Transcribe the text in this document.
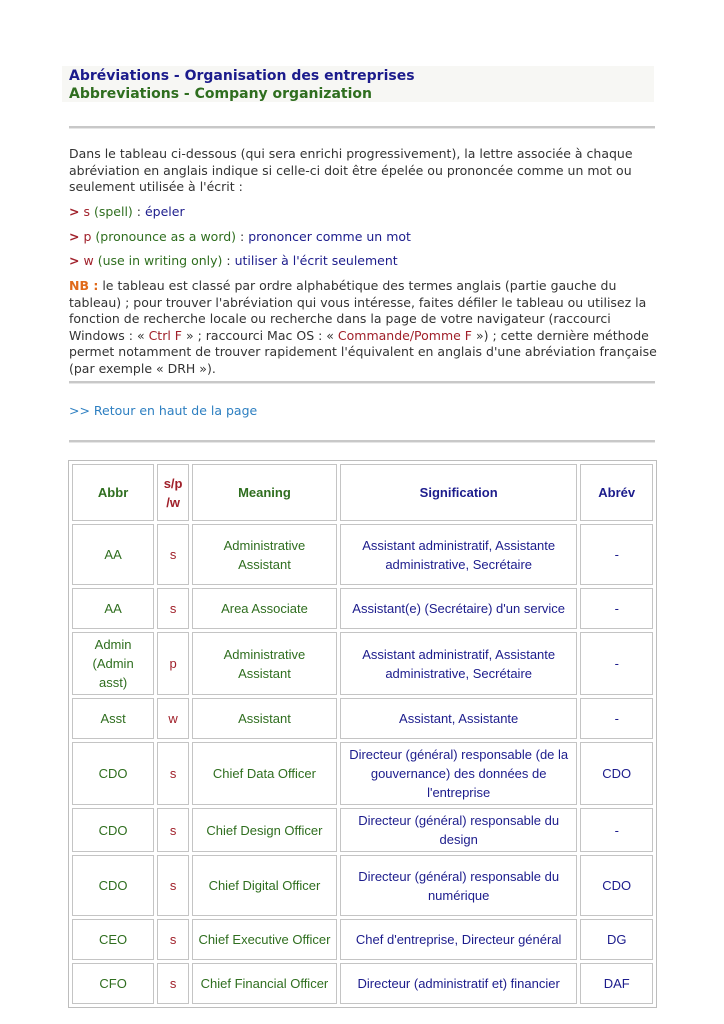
Abréviations - Organisation des entreprises
Abbreviations - Company organization
Dans le tableau ci-dessous (qui sera enrichi progressivement), la lettre associée à chaque abréviation en anglais indique si celle-ci doit être épelée ou prononcée comme un mot ou seulement utilisée à l'écrit :
> s (spell) : épeler
> p (pronounce as a word) : prononcer comme un mot
> w (use in writing only) : utiliser à l'écrit seulement
NB : le tableau est classé par ordre alphabétique des termes anglais (partie gauche du tableau) ; pour trouver l'abréviation qui vous intéresse, faites défiler le tableau ou utilisez la fonction de recherche locale ou recherche dans la page de votre navigateur (raccourci Windows : « Ctrl F » ; raccourci Mac OS : « Commande/Pomme F ») ; cette dernière méthode permet notamment de trouver rapidement l'équivalent en anglais d'une abréviation française (par exemple « DRH »).
>> Retour en haut de la page
Abbr	s/p /w	Meaning	Signification	Abrév
AA	s	Administrative Assistant	Assistant administratif, Assistante administrative, Secrétaire	-
AA	s	Area Associate	Assistant(e) (Secrétaire) d'un service	-
Admin (Admin asst)	p	Administrative Assistant	Assistant administratif, Assistante administrative, Secrétaire	-
Asst	w	Assistant	Assistant, Assistante	-
CDO	s	Chief Data Officer	Directeur (général) responsable (de la gouvernance) des données de l'entreprise	CDO
CDO	s	Chief Design Officer	Directeur (général) responsable du design	-
CDO	s	Chief Digital Officer	Directeur (général) responsable du numérique	CDO
CEO	s	Chief Executive Officer	Chef d'entreprise, Directeur général	DG
CFO	s	Chief Financial Officer	Directeur (administratif et) financier	DAF
